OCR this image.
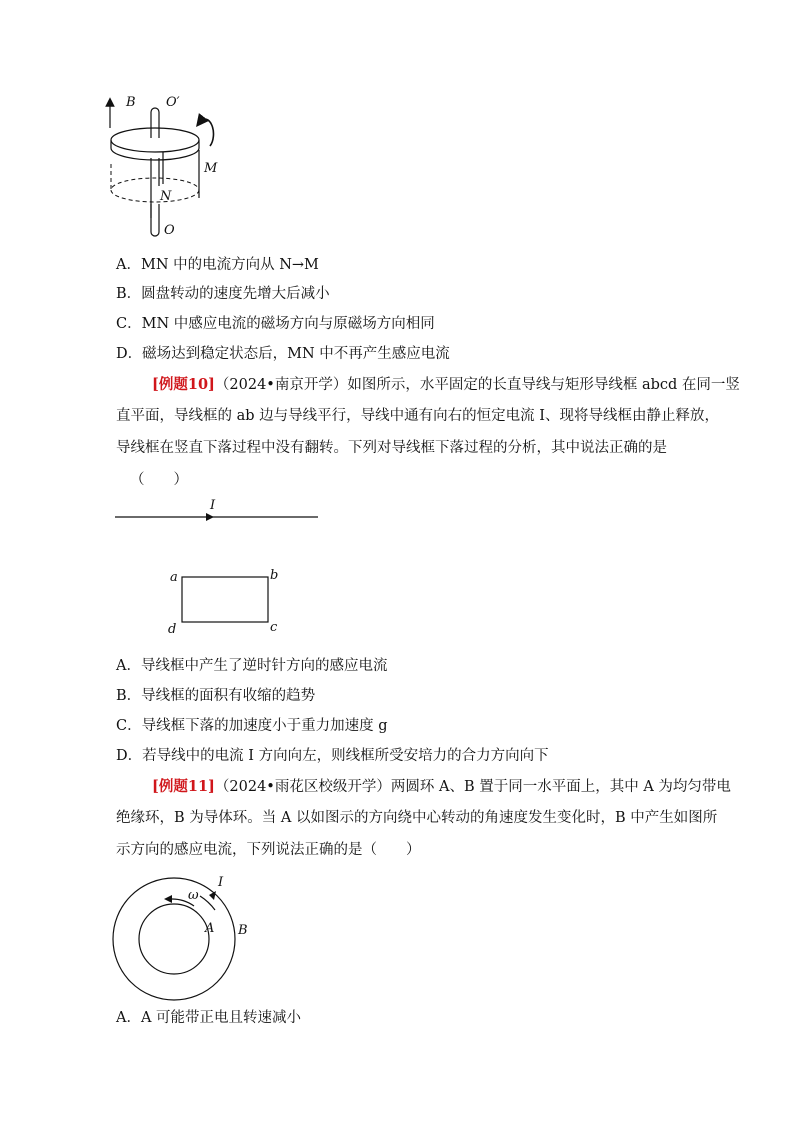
B O′
M
N
O
A．MN 中的电流方向从 N→M
B．圆盘转动的速度先增大后减小
C．MN 中感应电流的磁场方向与原磁场方向相同
D．磁场达到稳定状态后，MN 中不再产生感应电流
[例题10]（2024•南京开学）如图所示，水平固定的长直导线与矩形导线框 abcd 在同一竖
直平面，导线框的 ab 边与导线平行，导线中通有向右的恒定电流 I、现将导线框由静止释放，
导线框在竖直下落过程中没有翻转。下列对导线框下落过程的分析，其中说法正确的是
（　　）
I
a	b
c
d
A．导线框中产生了逆时针方向的感应电流
B．导线框的面积有收缩的趋势
C．导线框下落的加速度小于重力加速度 g
D．若导线中的电流 I 方向向左，则线框所受安培力的合力方向向下
[例题11]（2024•雨花区校级开学）两圆环 A、B 置于同一水平面上，其中 A 为均匀带电
绝缘环，B 为导体环。当 A 以如图示的方向绕中心转动的角速度发生变化时，B 中产生如图所
示方向的感应电流，下列说法正确的是（　　）
ω
I
A B
A．A 可能带正电且转速减小
